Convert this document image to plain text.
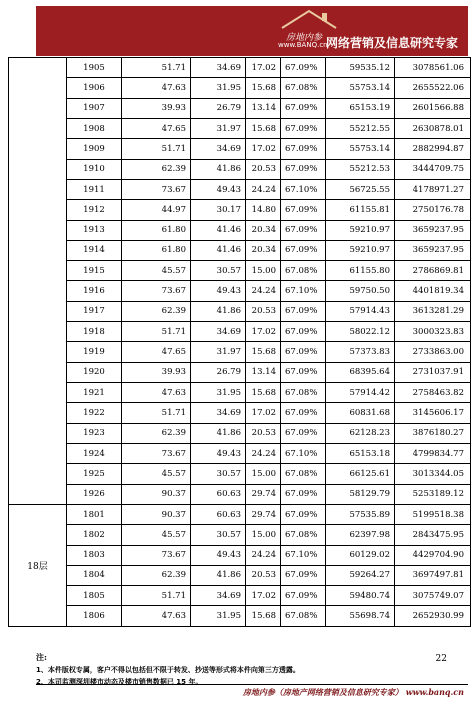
房地内参
www.BANQ.cn
网络营销及信息研究专家
	1905	51.71	34.69	17.02	67.09%	59535.12	3078561.06
	1906	47.63	31.95	15.68	67.08%	55753.14	2655522.06
	1907	39.93	26.79	13.14	67.09%	65153.19	2601566.88
	1908	47.65	31.97	15.68	67.09%	55212.55	2630878.01
	1909	51.71	34.69	17.02	67.09%	55753.14	2882994.87
	1910	62.39	41.86	20.53	67.09%	55212.53	3444709.75
	1911	73.67	49.43	24.24	67.10%	56725.55	4178971.27
	1912	44.97	30.17	14.80	67.09%	61155.81	2750176.78
	1913	61.80	41.46	20.34	67.09%	59210.97	3659237.95
	1914	61.80	41.46	20.34	67.09%	59210.97	3659237.95
	1915	45.57	30.57	15.00	67.08%	61155.80	2786869.81
	1916	73.67	49.43	24.24	67.10%	59750.50	4401819.34
	1917	62.39	41.86	20.53	67.09%	57914.43	3613281.29
	1918	51.71	34.69	17.02	67.09%	58022.12	3000323.83
	1919	47.65	31.97	15.68	67.09%	57373.83	2733863.00
	1920	39.93	26.79	13.14	67.09%	68395.64	2731037.91
	1921	47.63	31.95	15.68	67.08%	57914.42	2758463.82
	1922	51.71	34.69	17.02	67.09%	60831.68	3145606.17
	1923	62.39	41.86	20.53	67.09%	62128.23	3876180.27
	1924	73.67	49.43	24.24	67.10%	65153.18	4799834.77
	1925	45.57	30.57	15.00	67.08%	66125.61	3013344.05
	1926	90.37	60.63	29.74	67.09%	58129.79	5253189.12
18层	1801	90.37	60.63	29.74	67.09%	57535.89	5199518.38
	1802	45.57	30.57	15.00	67.08%	62397.98	2843475.95
	1803	73.67	49.43	24.24	67.10%	60129.02	4429704.90
	1804	62.39	41.86	20.53	67.09%	59264.27	3697497.81
	1805	51.71	34.69	17.02	67.09%	59480.74	3075749.07
	1806	47.63	31.95	15.68	67.08%	55698.74	2652930.99
注:
1、本件版权专属，客户不得以包括但不限于转发、抄送等形式将本件向第三方透露。
2、本司监测深圳楼市动态及楼市销售数据已 15 年。
22
房地内参（房地产网络营销及信息研究专家） www.banq.cn
